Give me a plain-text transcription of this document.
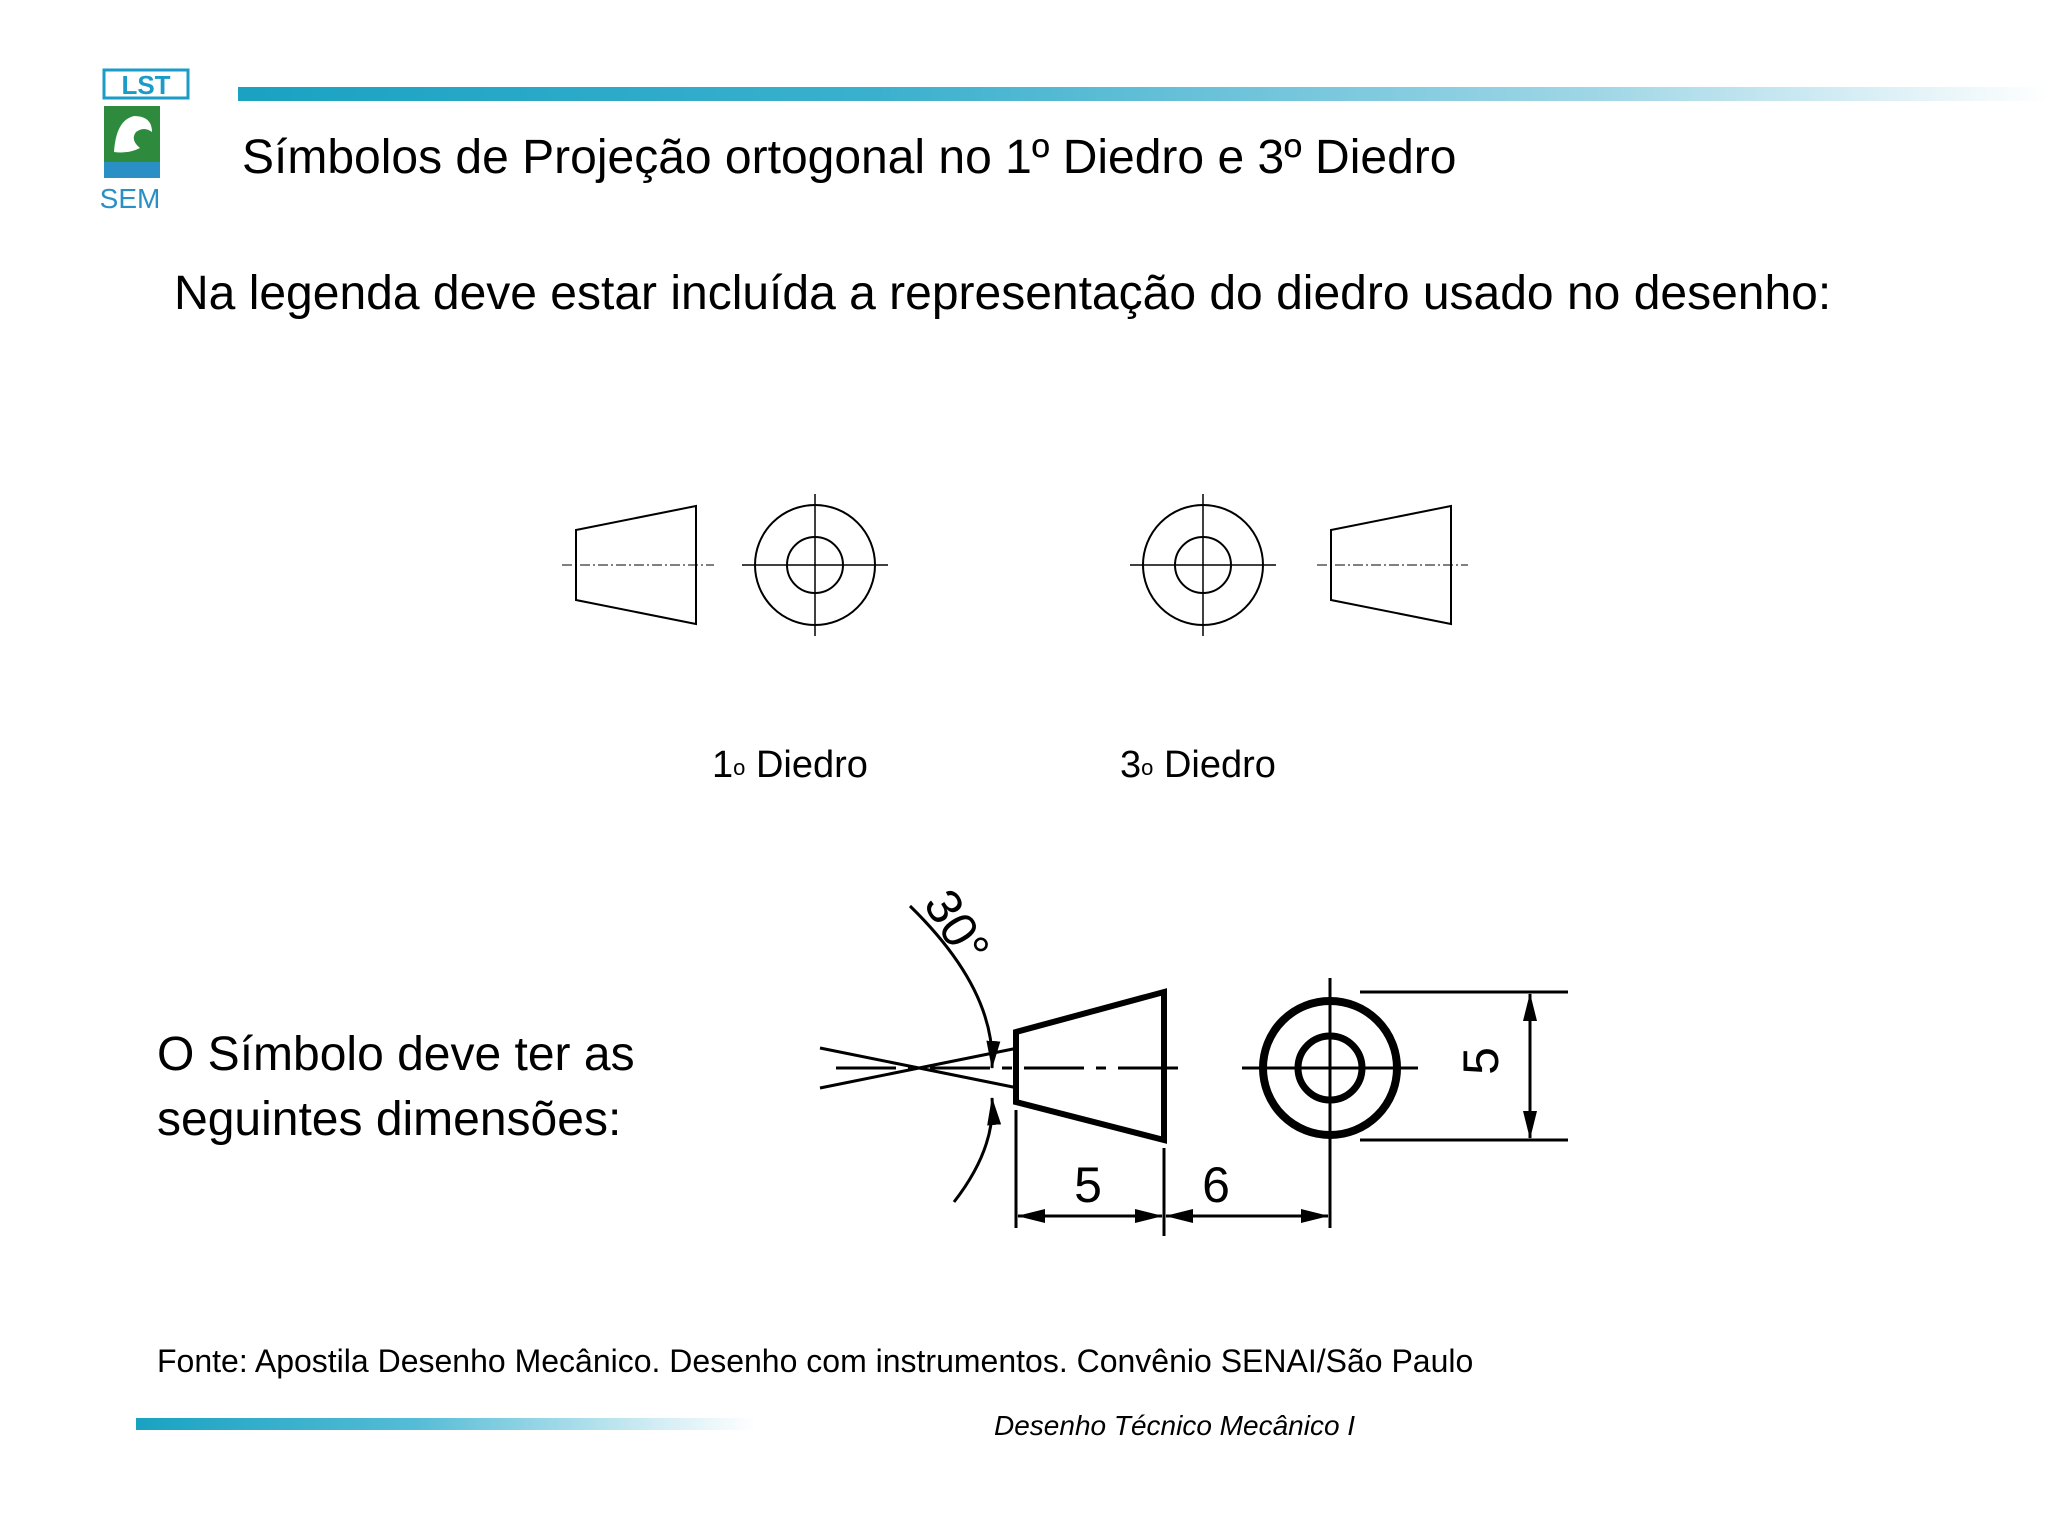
LST
SEM
Símbolos de Projeção ortogonal no 1º Diedro e 3º Diedro
Na legenda deve estar incluída a representação do diedro usado no desenho:
30°
5
5 6
1o Diedro	3o Diedro
O Símbolo deve ter as seguintes dimensões:
Fonte: Apostila Desenho Mecânico. Desenho com instrumentos. Convênio SENAI/São Paulo
Desenho Técnico Mecânico I
